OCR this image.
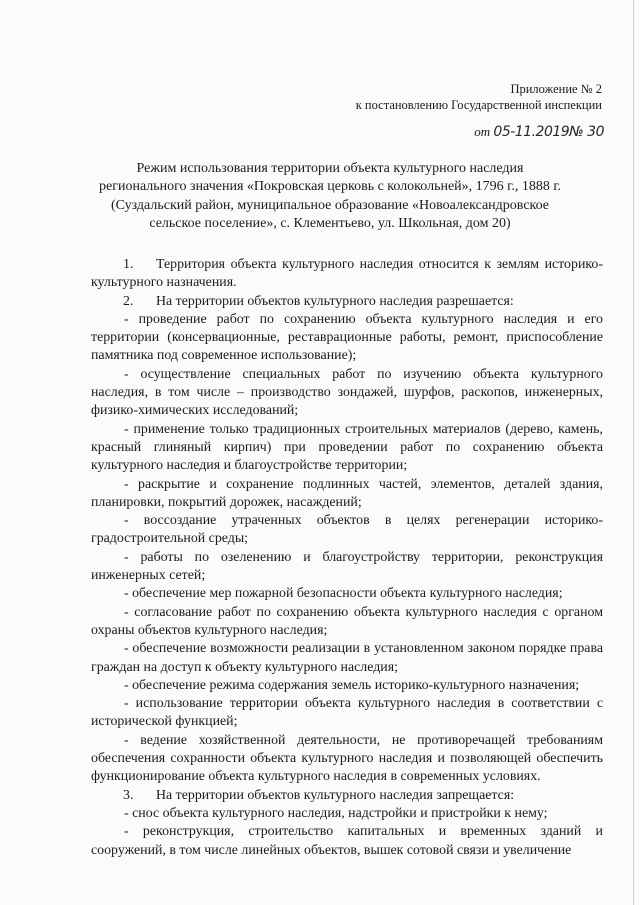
Приложение № 2
к постановлению Государственной инспекции
от 05-11.2019№ 30
Режим использования территории объекта культурного наследия
регионального значения «Покровская церковь с колокольней», 1796 г., 1888 г.
(Суздальский район, муниципальное образование «Новоалександровское
сельское поселение», с. Клементьево, ул. Школьная, дом 20)

1. Территория объекта культурного наследия относится к землям историко-культурного назначения.

2. На территории объектов культурного наследия разрешается:

- проведение работ по сохранению объекта культурного наследия и его территории (консервационные, реставрационные работы, ремонт, приспособление памятника под современное использование);

- осуществление специальных работ по изучению объекта культурного наследия, в том числе – производство зондажей, шурфов, раскопов, инженерных, физико-химических исследований;

- применение только традиционных строительных материалов (дерево, камень, красный глиняный кирпич) при проведении работ по сохранению объекта культурного наследия и благоустройстве территории;

- раскрытие и сохранение подлинных частей, элементов, деталей здания, планировки, покрытий дорожек, насаждений;

- воссоздание утраченных объектов в целях регенерации историко-градостроительной среды;

- работы по озеленению и благоустройству территории, реконструкция инженерных сетей;

- обеспечение мер пожарной безопасности объекта культурного наследия;

- согласование работ по сохранению объекта культурного наследия с органом охраны объектов культурного наследия;

- обеспечение возможности реализации в установленном законом порядке права граждан на доступ к объекту культурного наследия;

- обеспечение режима содержания земель историко-культурного назначения;

- использование территории объекта культурного наследия в соответствии с исторической функцией;

- ведение хозяйственной деятельности, не противоречащей требованиям обеспечения сохранности объекта культурного наследия и позволяющей обеспечить функционирование объекта культурного наследия в современных условиях.

3. На территории объектов культурного наследия запрещается:

- снос объекта культурного наследия, надстройки и пристройки к нему;

- реконструкция, строительство капитальных и временных зданий и сооружений, в том числе линейных объектов, вышек сотовой связи и увеличение
